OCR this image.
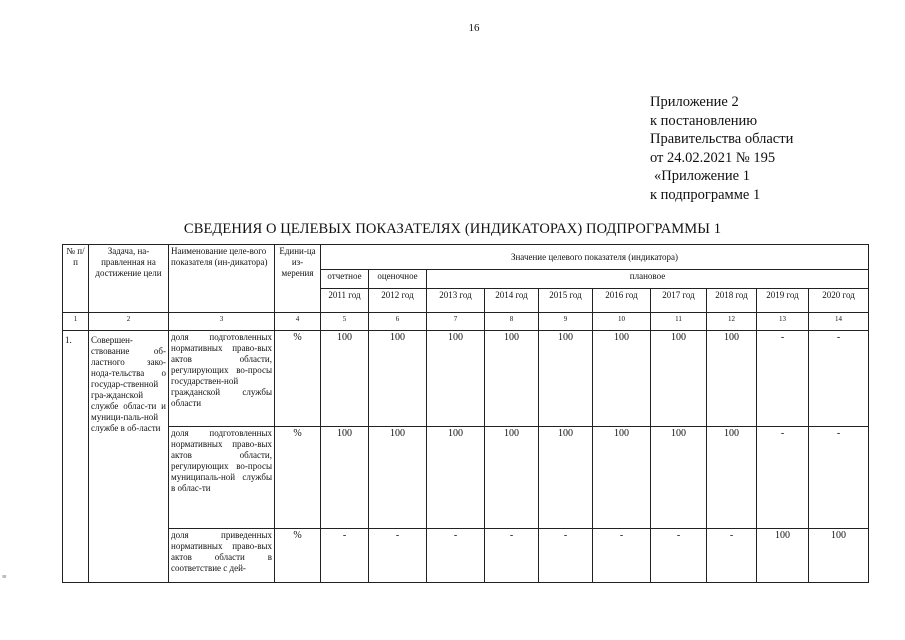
16
Приложение 2
к постановлению
Правительства области
от 24.02.2021 № 195
«Приложение 1
к подпрограмме 1
СВЕДЕНИЯ О ЦЕЛЕВЫХ ПОКАЗАТЕЛЯХ (ИНДИКАТОРАХ) ПОДПРОГРАММЫ 1
№ п/п	Задача, на-правленная на достижение цели	Наименование целе-вого показателя (ин-дикатора)	Едини-ца из-мерения	Значение целевого показателя (индикатора)									
				отчетное	оценочное	плановое							
				2011 год	2012 год	2013 год	2014 год	2015 год	2016 год	2017 год	2018 год	2019 год	2020 год
1	2	3	4	5	6	7	8	9	10	11	12	13	14
1.	Совершен-ствование об-ластного зако-нода-тельства о государ-ственной гра-жданской службе облас-ти и муници-паль-ной службе в об-ласти	доля подготовленных нормативных право-вых актов области, регулирующих во-просы государствен-ной гражданской службы области	%	100	100	100	100	100	100	100	100	-	-
		доля подготовленных нормативных право-вых актов области, регулирующих во-просы муниципаль-ной службы в облас-ти	%	100	100	100	100	100	100	100	100	-	-
		доля приведенных нормативных право-вых актов области в соответствие с дей-	%	-	-	-	-	-	-	-	-	100	100
≡
